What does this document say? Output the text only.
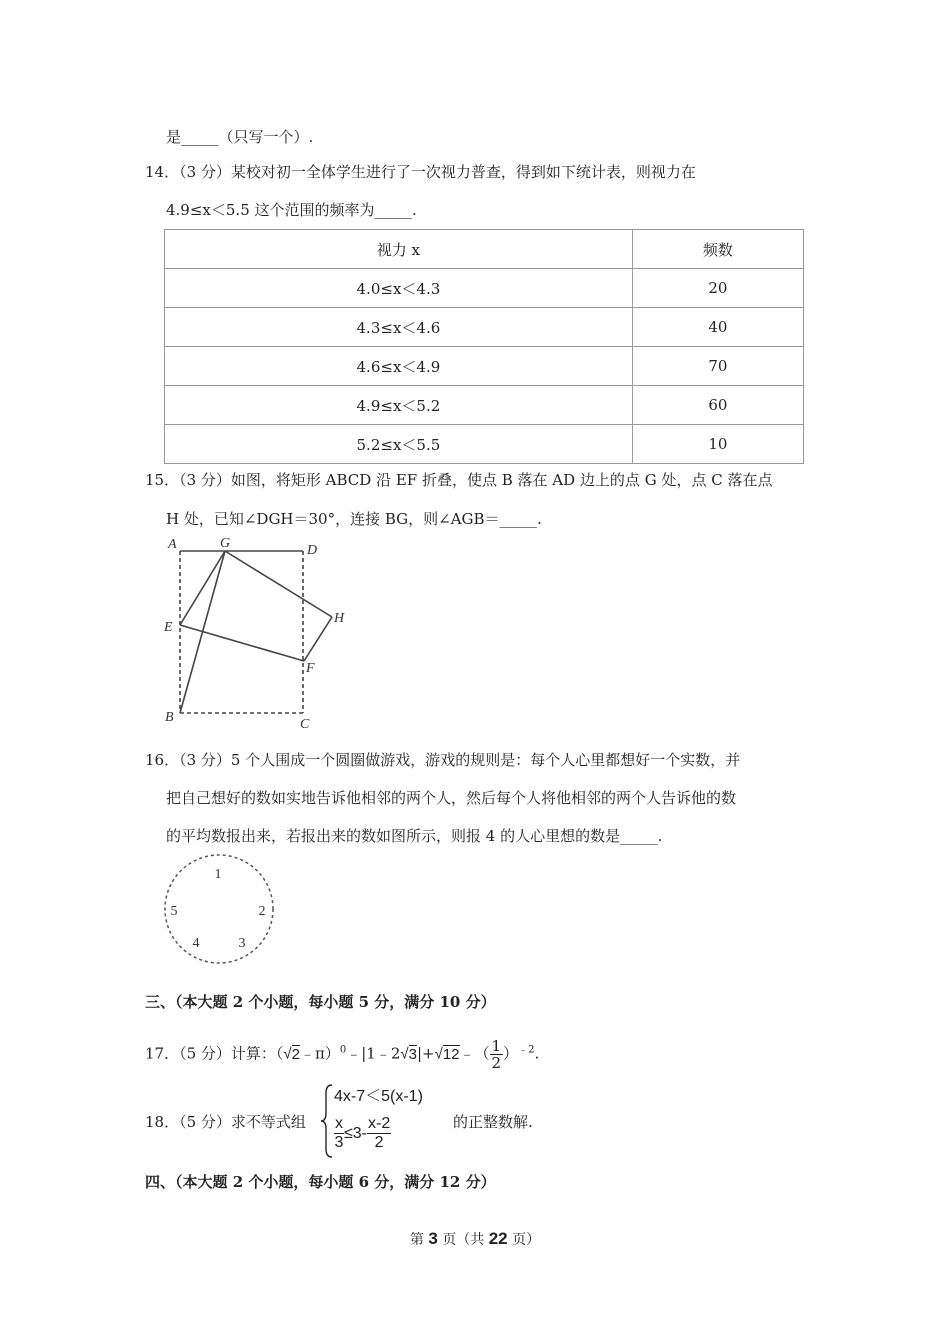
是_____（只写一个）.
14．（3 分）某校对初一全体学生进行了一次视力普查，得到如下统计表，则视力在
4.9≤x＜5.5 这个范围的频率为_____.
视力 x	频数
4.0≤x＜4.3	20
4.3≤x＜4.6	40
4.6≤x＜4.9	70
4.9≤x＜5.2	60
5.2≤x＜5.5	10
15．（3 分）如图，将矩形 ABCD 沿 EF 折叠，使点 B 落在 AD 边上的点 G 处，点 C 落在点
H 处，已知∠DGH＝30°，连接 BG，则∠AGB＝_____.
A	G	D
H
E
F
B	C
16．（3 分）5 个人围成一个圆圈做游戏，游戏的规则是：每个人心里都想好一个实数，并
把自己想好的数如实地告诉他相邻的两个人，然后每个人将他相邻的两个人告诉他的数
的平均数报出来，若报出来的数如图所示，则报 4 的人心里想的数是_____.
1
2
3
4
5
三、（本大题 2 个小题，每小题 5 分，满分 10 分）
17．（5 分）计算：（√2﹣π）$^0$﹣|1﹣2√3|+√12﹣（ $\frac{1}{2} )^{﹣2}$.
18．（5 分）求不等式组
4x-7＜5(x-1)
$\frac{x}{3} \le 3- \frac{x-2}{2}$	的正整数解.
四、（本大题 2 个小题，每小题 6 分，满分 12 分）
第 3 页（共 22 页）
